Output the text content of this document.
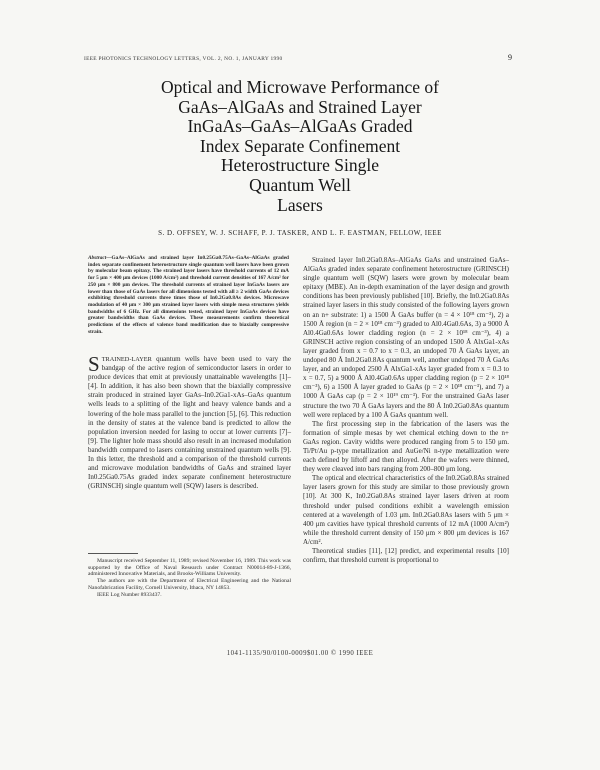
IEEE PHOTONICS TECHNOLOGY LETTERS, VOL. 2, NO. 1, JANUARY 1990	9
Optical and Microwave Performance of
GaAs–AlGaAs and Strained Layer
InGaAs–GaAs–AlGaAs Graded
Index Separate Confinement
Heterostructure Single
Quantum Well
Lasers
S. D. OFFSEY, W. J. SCHAFF, P. J. TASKER, AND L. F. EASTMAN, FELLOW, IEEE
Abstract—GaAs–AlGaAs and strained layer In0.25Ga0.75As–GaAs–AlGaAs graded index separate confinement heterostructure single quantum well lasers have been grown by molecular beam epitaxy. The strained layer lasers have threshold currents of 12 mA for 5 μm × 400 μm devices (1000 A/cm²) and threshold current densities of 167 A/cm² for 250 μm × 800 μm devices. The threshold currents of strained layer InGaAs lasers are lower than those of GaAs lasers for all dimensions tested with all ≥ 2 width GaAs devices exhibiting threshold currents three times those of In0.2Ga0.8As devices. Microwave modulation of 40 μm × 300 μm strained layer lasers with simple mesa structures yields bandwidths of 6 GHz. For all dimensions tested, strained layer InGaAs devices have greater bandwidths than GaAs devices. These measurements confirm theoretical predictions of the effects of valence band modification due to biaxially compressive strain.

STRAINED-LAYER quantum wells have been used to vary the bandgap of the active region of semiconductor lasers in order to produce devices that emit at previously unattainable wavelengths [1]–[4]. In addition, it has also been shown that the biaxially compressive strain produced in strained layer GaAs–In0.2Ga1-xAs–GaAs quantum wells leads to a splitting of the light and heavy valence bands and a lowering of the hole mass parallel to the junction [5], [6]. This reduction in the density of states at the valence band is predicted to allow the population inversion needed for lasing to occur at lower currents [7]–[9]. The lighter hole mass should also result in an increased modulation bandwidth compared to lasers containing unstrained quantum wells [9]. In this letter, the threshold and a comparison of the threshold currents and microwave modulation bandwidths of GaAs and strained layer In0.25Ga0.75As graded index separate confinement heterostructure (GRINSCH) single quantum well (SQW) lasers is described.

Manuscript received September 11, 1989; revised November 16, 1989. This work was supported by the Office of Naval Research under Contract N00014-89-J-1366, administered Innovative Materials, and Brooks-Williams University.

The authors are with the Department of Electrical Engineering and the National Nanofabrication Facility, Cornell University, Ithaca, NY 14853.

IEEE Log Number 8933437.

Strained layer In0.2Ga0.8As–AlGaAs GaAs and unstrained GaAs–AlGaAs graded index separate confinement heterostructure (GRINSCH) single quantum well (SQW) lasers were grown by molecular beam epitaxy (MBE). An in-depth examination of the layer design and growth conditions has been previously published [10]. Briefly, the In0.2Ga0.8As strained layer lasers in this study consisted of the following layers grown on an n+ substrate: 1) a 1500 Å GaAs buffer (n = 4 × 10¹⁸ cm⁻³), 2) a 1500 Å region (n = 2 × 10¹⁸ cm⁻³) graded to Al0.4Ga0.6As, 3) a 9000 Å Al0.4Ga0.6As lower cladding region (n = 2 × 10¹⁸ cm⁻³), 4) a GRINSCH active region consisting of an undoped 1500 Å AlxGa1-xAs layer graded from x = 0.7 to x = 0.3, an undoped 70 Å GaAs layer, an undoped 80 Å In0.2Ga0.8As quantum well, another undoped 70 Å GaAs layer, and an undoped 2500 Å AlxGa1-xAs layer graded from x = 0.3 to x = 0.7, 5) a 9000 Å Al0.4Ga0.6As upper cladding region (p = 2 × 10¹⁸ cm⁻³), 6) a 1500 Å layer graded to GaAs (p = 2 × 10¹⁸ cm⁻³), and 7) a 1000 Å GaAs cap (p = 2 × 10¹⁹ cm⁻³). For the unstrained GaAs laser structure the two 70 Å GaAs layers and the 80 Å In0.2Ga0.8As quantum well were replaced by a 100 Å GaAs quantum well.

The first processing step in the fabrication of the lasers was the formation of simple mesas by wet chemical etching down to the n+ GaAs region. Cavity widths were produced ranging from 5 to 150 μm. Ti/Pt/Au p-type metallization and AuGe/Ni n-type metallization were each defined by liftoff and then alloyed. After the wafers were thinned, they were cleaved into bars ranging from 200–800 μm long.

The optical and electrical characteristics of the In0.2Ga0.8As strained layer lasers grown for this study are similar to those previously grown [10]. At 300 K, In0.2Ga0.8As strained layer lasers driven at room threshold under pulsed conditions exhibit a wavelength emission centered at a wavelength of 1.03 μm. In0.2Ga0.8As lasers with 5 μm × 400 μm cavities have typical threshold currents of 12 mA (1000 A/cm²) while the threshold current density of 150 μm × 800 μm devices is 167 A/cm².

Theoretical studies [11], [12] predict, and experimental results [10] confirm, that threshold current is proportional to

1041-1135/90/0100-0009$01.00 © 1990 IEEE
